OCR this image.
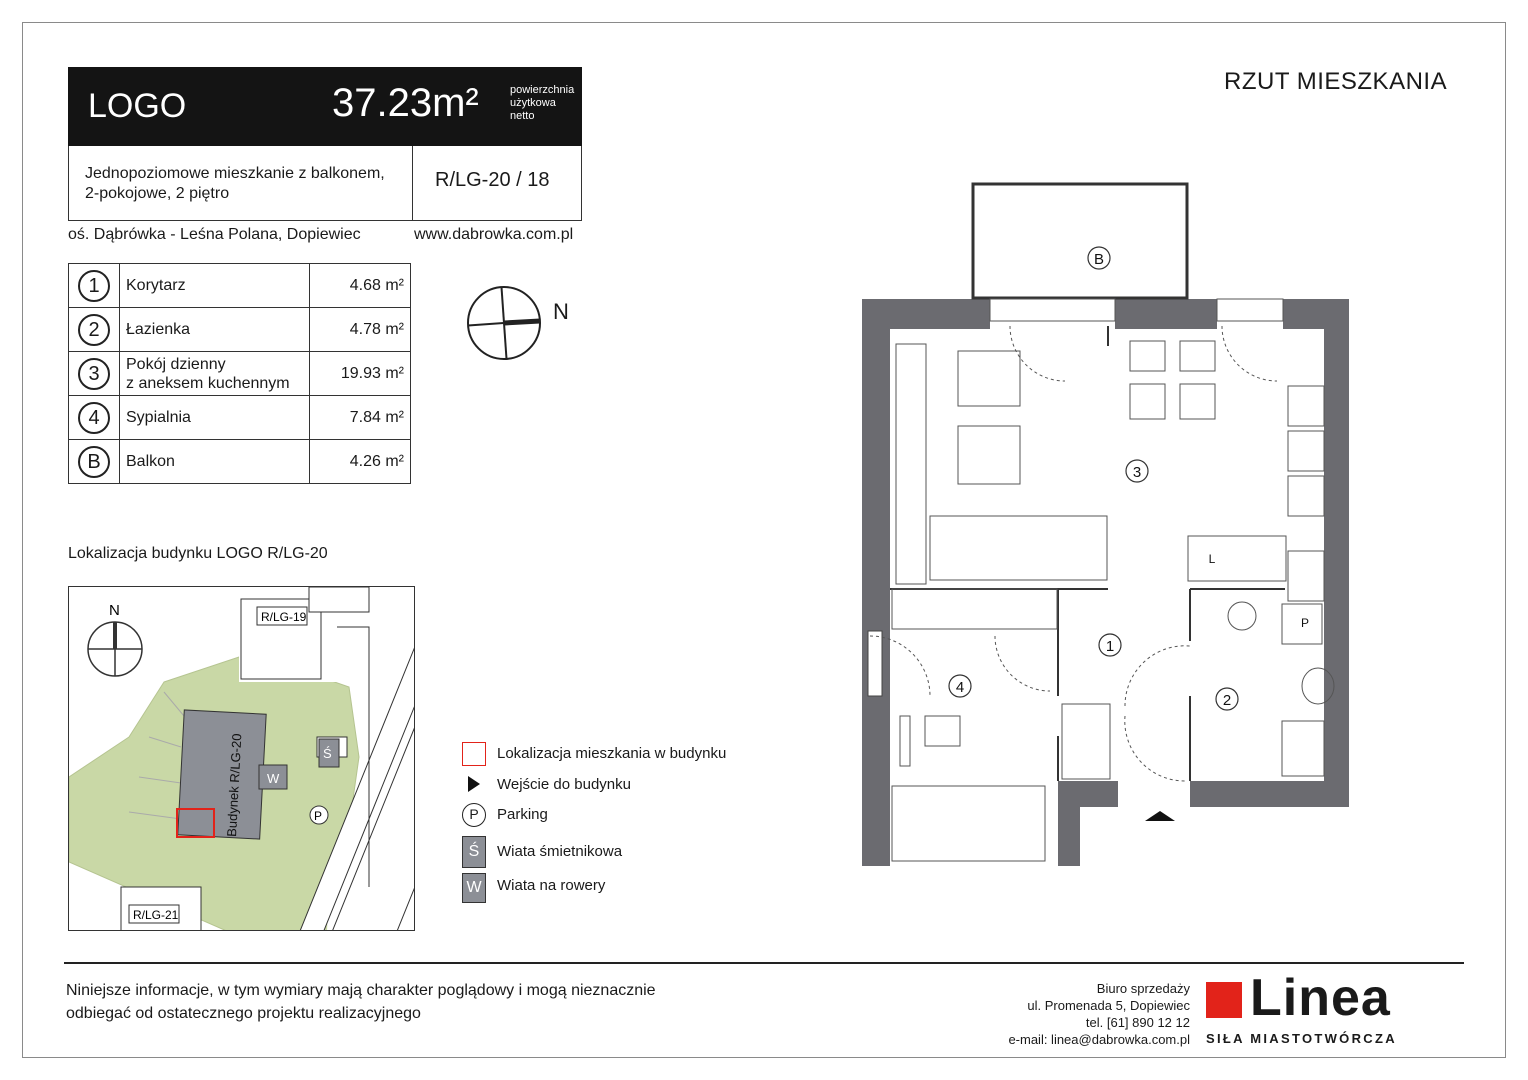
LOGO	37.23m²	powierzchnia
użytkowa
netto
Jednopoziomowe mieszkanie z balkonem,
2-pokojowe, 2 piętro
R/LG-20 / 18
oś. Dąbrówka - Leśna Polana, Dopiewiec	www.dabrowka.com.pl
1	Korytarz	4.68 m²
2	Łazienka	4.78 m²
3	Pokój dzienny
z aneksem kuchennym	19.93 m²
4	Sypialnia	7.84 m²
B	Balkon	4.26 m²
N
RZUT MIESZKANIA
Lokalizacja budynku LOGO R/LG-20
Budynek R/LG-20
R/LG-19
R/LG-21
W
Ś
P
N
Lokalizacja mieszkania w budynku
Wejście do budynku
P	Parking
Ś	Wiata śmietnikowa
W Wiata na rowery
B
3
1
2
4
L
P
Niniejsze informacje, w tym wymiary mają charakter poglądowy i mogą nieznacznie
odbiegać od ostatecznego projektu realizacyjnego
Biuro sprzedaży
ul. Promenada 5, Dopiewiec
tel. [61] 890 12 12
e-mail: linea@dabrowka.com.pl
Linea
SIŁA MIASTOTWÓRCZA
